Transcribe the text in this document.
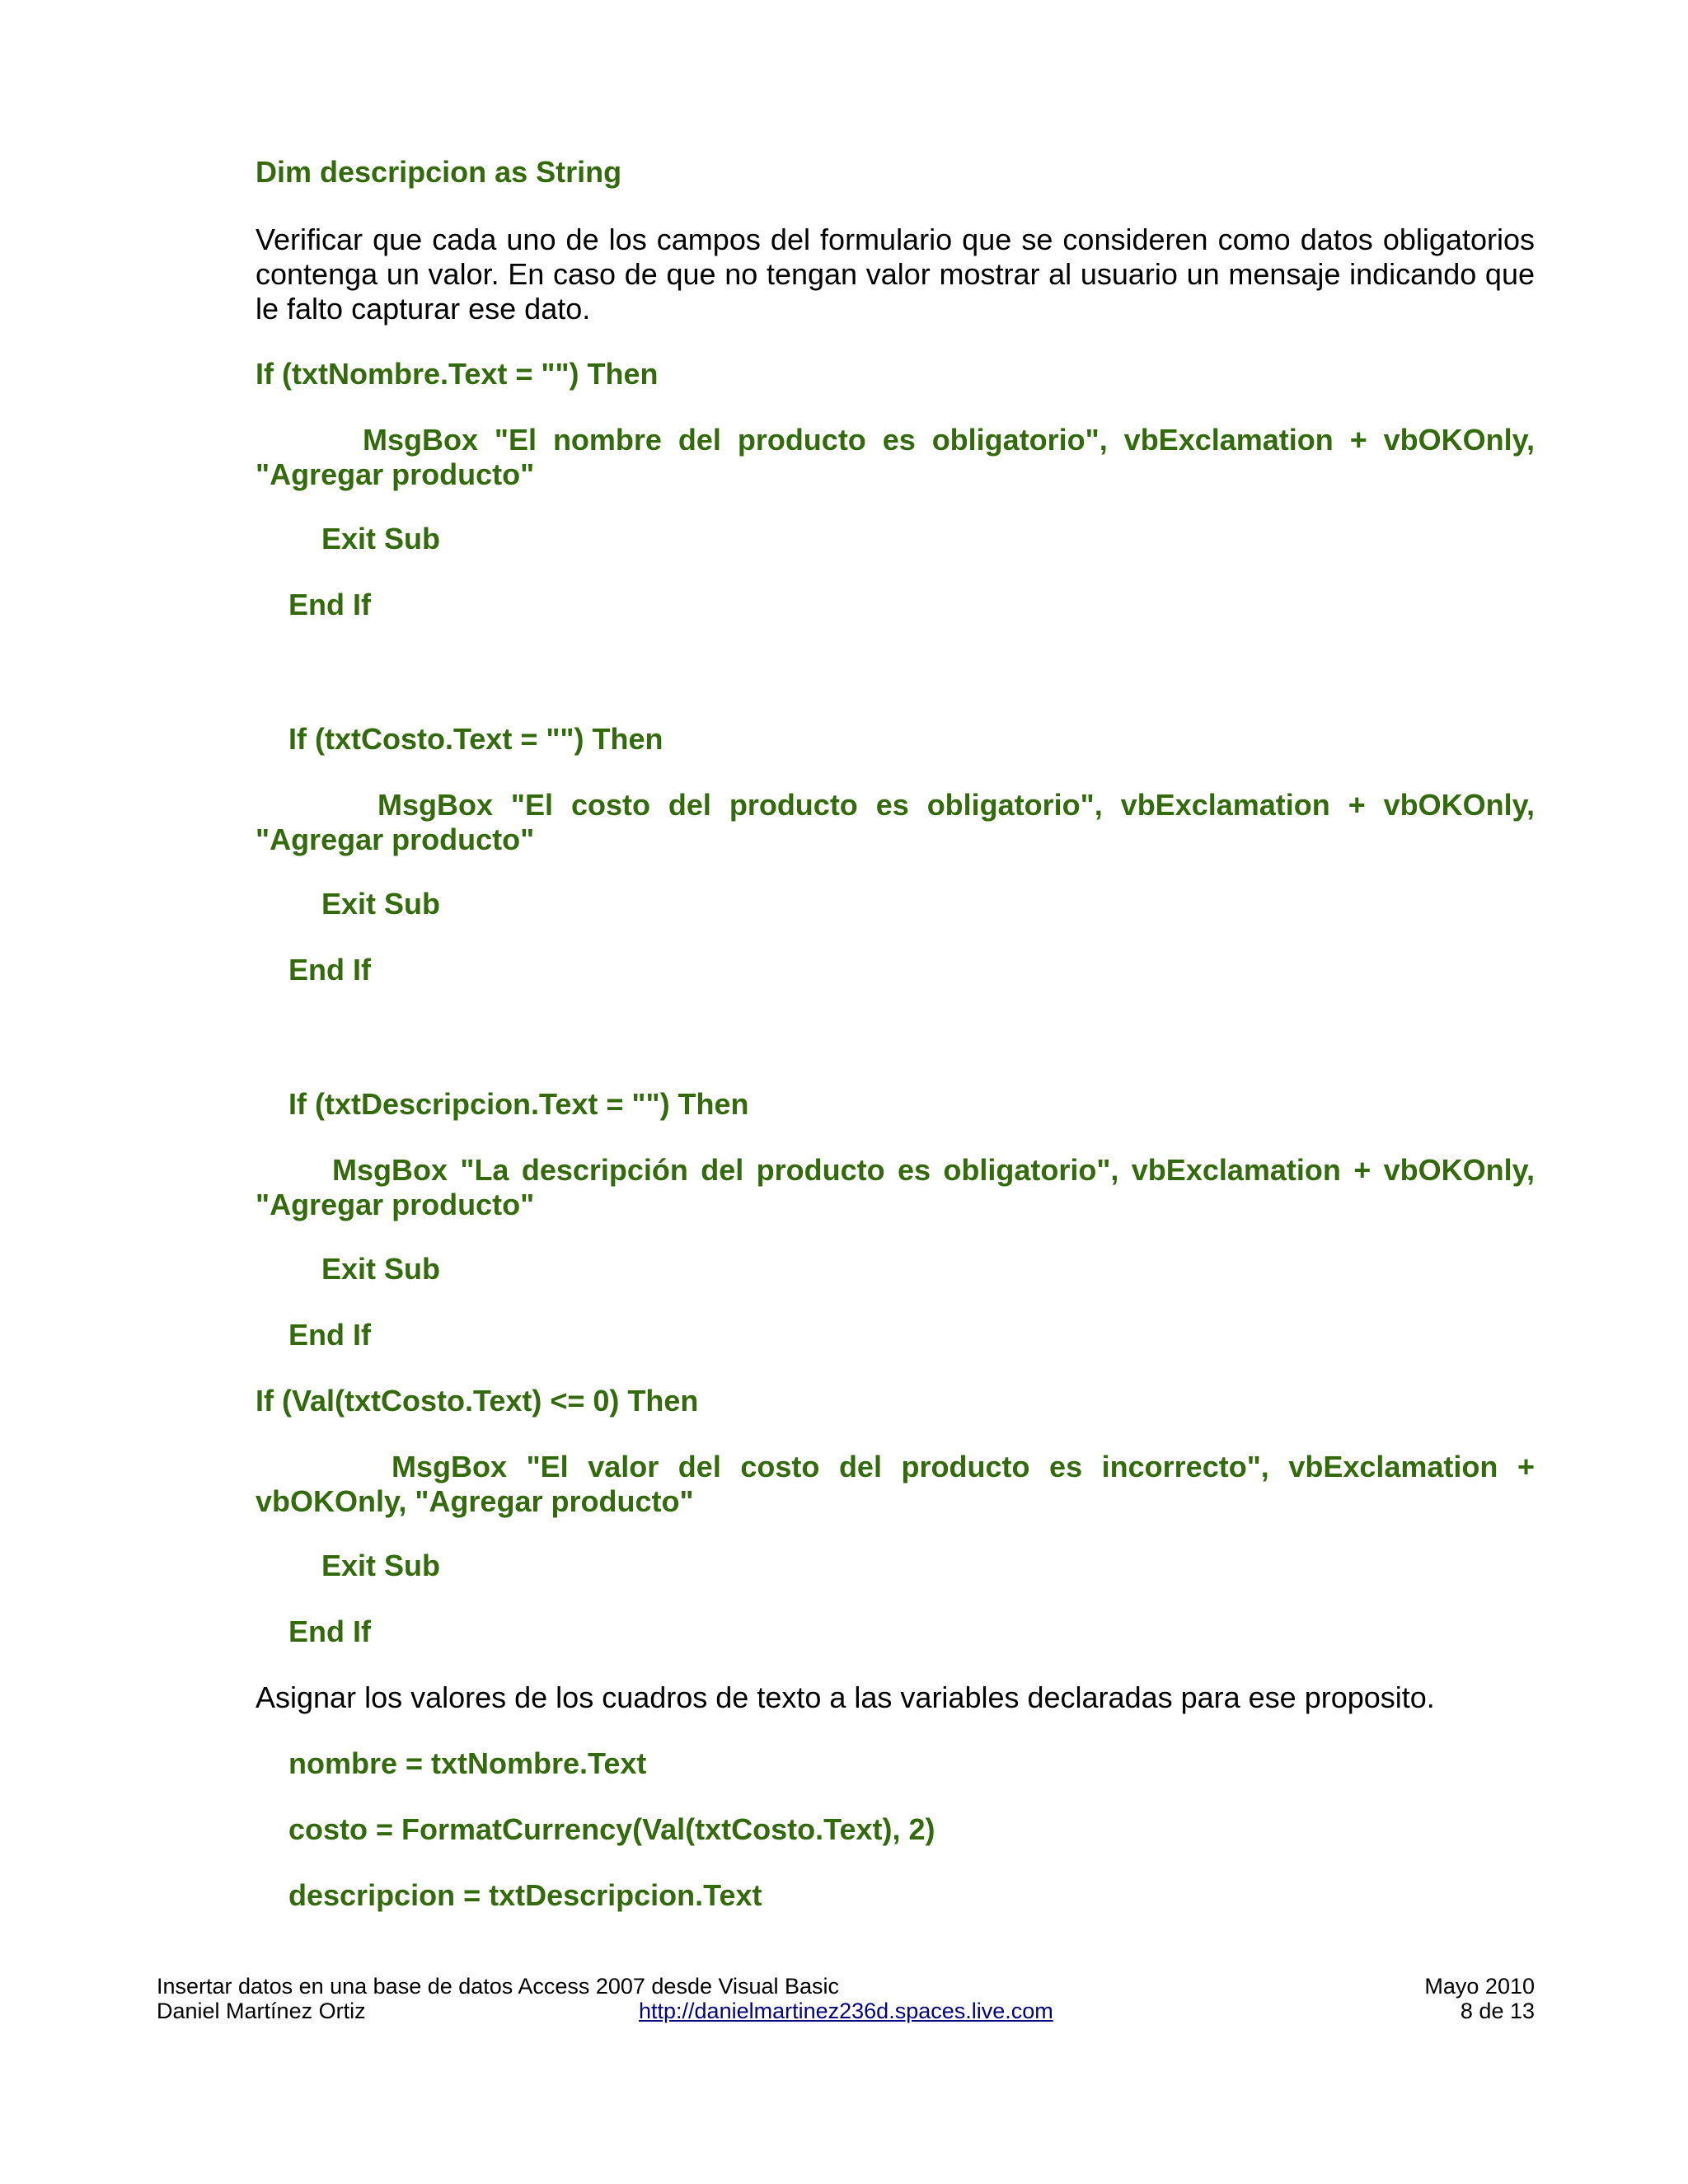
Dim descripcion as String

Verificar que cada uno de los campos del formulario que se consideren como datos obligatorios contenga un valor. En caso de que no tengan valor mostrar al usuario un mensaje indicando que le falto capturar ese dato.

If (txtNombre.Text = "") Then

MsgBox "El nombre del producto es obligatorio", vbExclamation + vbOKOnly, "Agregar producto"

Exit Sub

End If

If (txtCosto.Text = "") Then

MsgBox "El costo del producto es obligatorio", vbExclamation + vbOKOnly, "Agregar producto"

Exit Sub

End If

If (txtDescripcion.Text = "") Then

MsgBox "La descripción del producto es obligatorio", vbExclamation + vbOKOnly, "Agregar producto"

Exit Sub

End If

If (Val(txtCosto.Text) <= 0) Then

MsgBox "El valor del costo del producto es incorrecto", vbExclamation + vbOKOnly, "Agregar producto"

Exit Sub

End If

Asignar los valores de los cuadros de texto a las variables declaradas para ese proposito.

nombre = txtNombre.Text

costo = FormatCurrency(Val(txtCosto.Text), 2)

descripcion = txtDescripcion.Text

Insertar datos en una base de datos Access 2007 desde Visual Basic	Mayo 2010
Daniel Martínez Ortiz	http://danielmartinez236d.spaces.live.com	8 de 13
